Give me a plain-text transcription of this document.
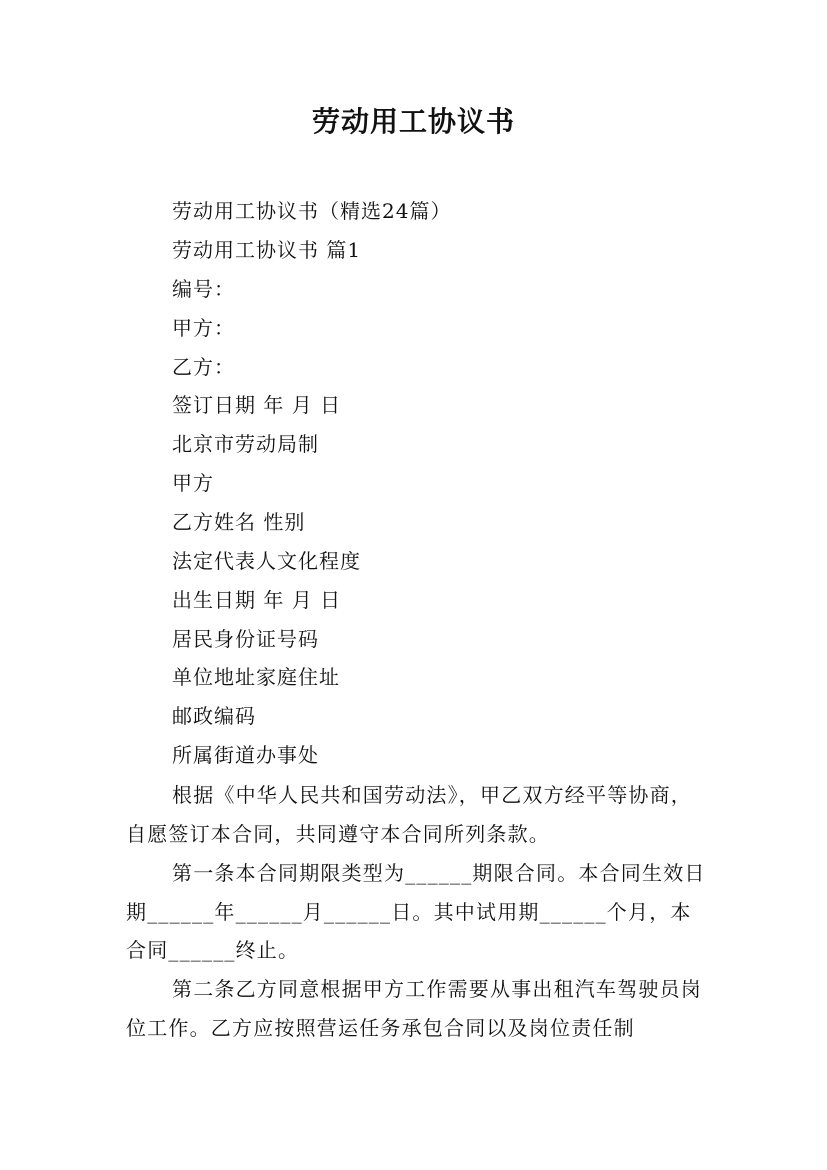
劳动用工协议书
劳动用工协议书（精选24篇）
劳动用工协议书 篇1
编号：
甲方：
乙方：
签订日期 年 月 日
北京市劳动局制
甲方
乙方姓名 性别
法定代表人文化程度
出生日期 年 月 日
居民身份证号码
单位地址家庭住址
邮政编码
所属街道办事处

根据《中华人民共和国劳动法》，甲乙双方经平等协商，自愿签订本合同，共同遵守本合同所列条款。

第一条本合同期限类型为______期限合同。本合同生效日期______年______月______日。其中试用期______个月，本合同______终止。

第二条乙方同意根据甲方工作需要从事出租汽车驾驶员岗位工作。乙方应按照营运任务承包合同以及岗位责任制
